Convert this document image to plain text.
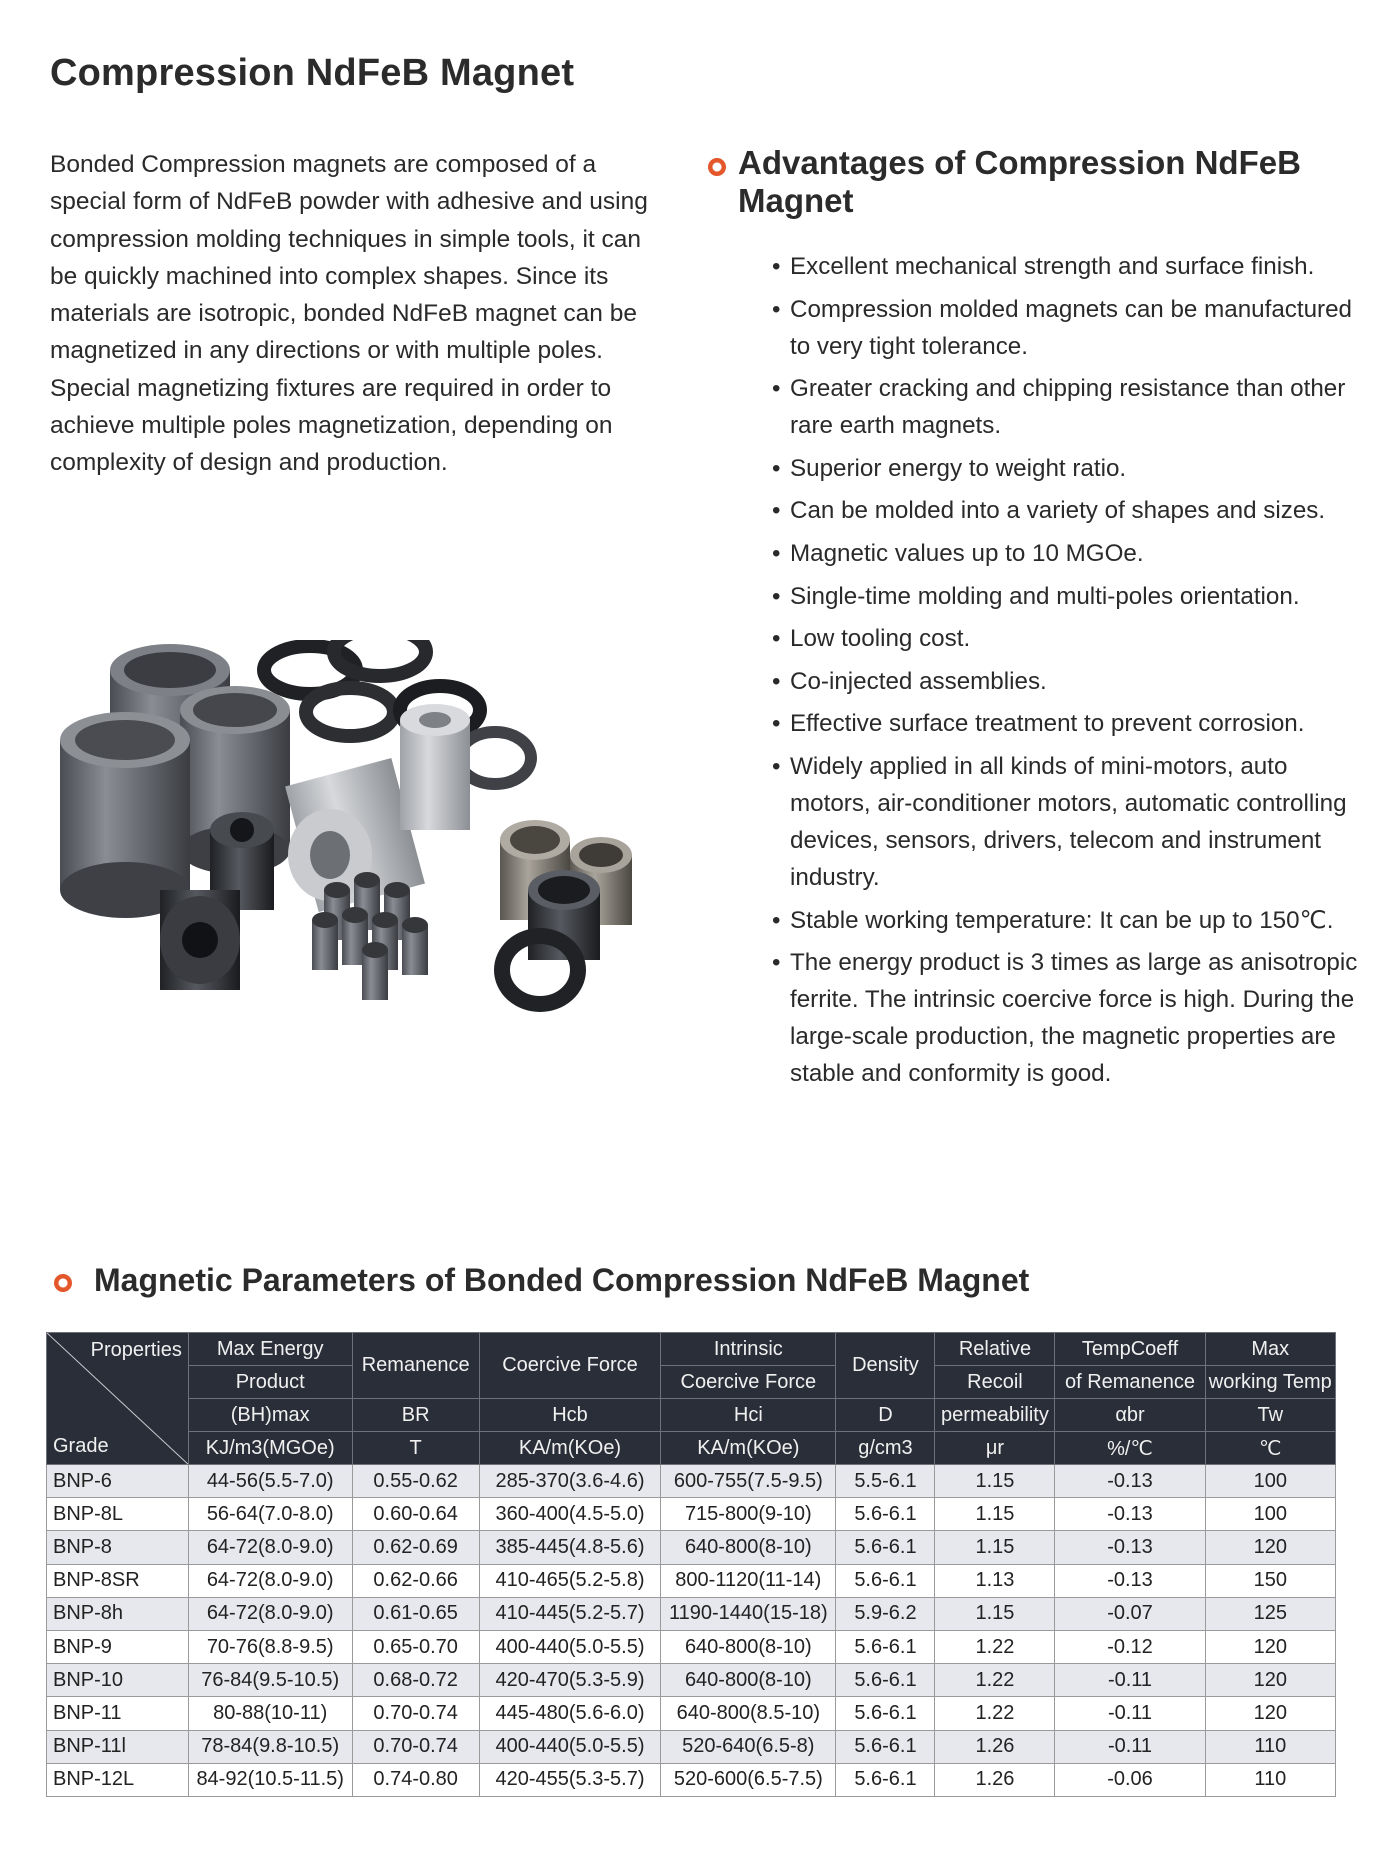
Compression NdFeB Magnet

Bonded Compression magnets are composed of a special form of NdFeB powder with adhesive and using compression molding techniques in simple tools, it can be quickly machined into complex shapes. Since its materials are isotropic, bonded NdFeB magnet can be magnetized in any directions or with multiple poles. Special magnetizing fixtures are required in order to achieve multiple poles magnetization, depending on complexity of design and production.

Advantages of Compression NdFeB Magnet
• Excellent mechanical strength and surface finish.
• Compression molded magnets can be manufactured to very tight tolerance.
• Greater cracking and chipping resistance than other rare earth magnets.
• Superior energy to weight ratio.
• Can be molded into a variety of shapes and sizes.
• Magnetic values up to 10 MGOe.
• Single-time molding and multi-poles orientation.
• Low tooling cost.
• Co-injected assemblies.
• Effective surface treatment to prevent corrosion.
• Widely applied in all kinds of mini-motors, auto motors, air-conditioner motors, automatic controlling devices, sensors, drivers, telecom and instrument industry.
• Stable working temperature: It can be up to 150℃.
• The energy product is 3 times as large as anisotropic ferrite. The intrinsic coercive force is high. During the large-scale production, the magnetic properties are stable and conformity is good.
Magnetic Parameters of Bonded Compression NdFeB Magnet
Properties
Grade	Max Energy	Remanence	Coercive Force	Intrinsic	Density	Relative	TempCoeff	Max
	Product			Coercive Force		Recoil	of Remanence	working Temp
	(BH)max	BR	Hcb	Hci	D	permeability	αbr	Tw
	KJ/m3(MGOe)	T	KA/m(KOe)	KA/m(KOe)	g/cm3	μr	%/℃	℃
BNP-6	44-56(5.5-7.0)	0.55-0.62	285-370(3.6-4.6)	600-755(7.5-9.5)	5.5-6.1	1.15	-0.13	100
BNP-8L	56-64(7.0-8.0)	0.60-0.64	360-400(4.5-5.0)	715-800(9-10)	5.6-6.1	1.15	-0.13	100
BNP-8	64-72(8.0-9.0)	0.62-0.69	385-445(4.8-5.6)	640-800(8-10)	5.6-6.1	1.15	-0.13	120
BNP-8SR	64-72(8.0-9.0)	0.62-0.66	410-465(5.2-5.8)	800-1120(11-14)	5.6-6.1	1.13	-0.13	150
BNP-8h	64-72(8.0-9.0)	0.61-0.65	410-445(5.2-5.7)	1190-1440(15-18)	5.9-6.2	1.15	-0.07	125
BNP-9	70-76(8.8-9.5)	0.65-0.70	400-440(5.0-5.5)	640-800(8-10)	5.6-6.1	1.22	-0.12	120
BNP-10	76-84(9.5-10.5)	0.68-0.72	420-470(5.3-5.9)	640-800(8-10)	5.6-6.1	1.22	-0.11	120
BNP-11	80-88(10-11)	0.70-0.74	445-480(5.6-6.0)	640-800(8.5-10)	5.6-6.1	1.22	-0.11	120
BNP-11l	78-84(9.8-10.5)	0.70-0.74	400-440(5.0-5.5)	520-640(6.5-8)	5.6-6.1	1.26	-0.11	110
BNP-12L	84-92(10.5-11.5)	0.74-0.80	420-455(5.3-5.7)	520-600(6.5-7.5)	5.6-6.1	1.26	-0.06	110
